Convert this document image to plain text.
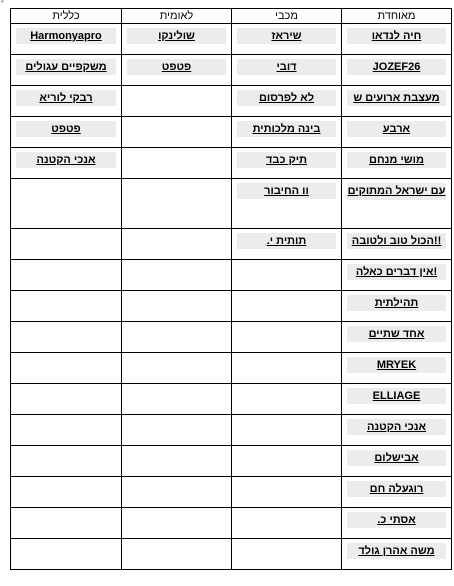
*
מאוחדת	מכבי	לאומית	כללית

חיה לנדאו	שיראז	שולינקו	Harmonyapro

JOZEF26	דובי	פטפט	משקפיים עגולים

מעצבת ארועים ש	לא לפרסום		רבקי לוריא

ארבע	בינה מלכותית		פטפט

מושי מנחם	תיק כבד		אנכי הקטנה

עם ישראל המתוקים	וו החיבור		

!!הכול טוב ולטובה	תותית י.		

!אין דברים כאלה			

תהילתית			

אחד שתיים			

MRYEK			

ELLIAGE			

אנכי הקטנה			

אבישלום			

רוגעלה חם			

אסתי כ.			

משה אהרן גולד			
